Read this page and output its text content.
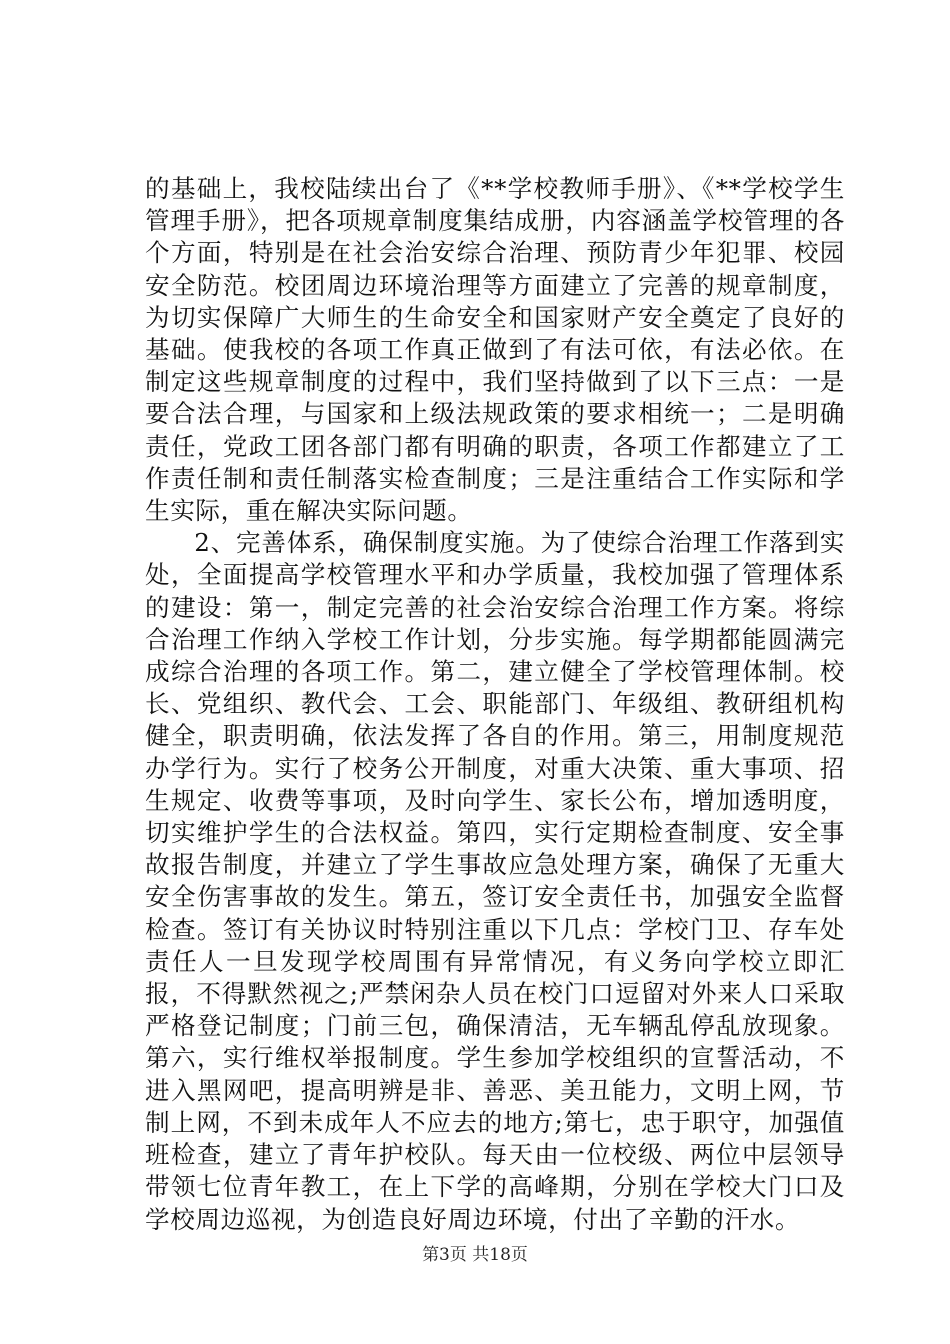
的基础上，我校陆续出台了《**学校教师手册》、《**学校学生管理手册》，把各项规章制度集结成册，内容涵盖学校管理的各个方面，特别是在社会治安综合治理、预防青少年犯罪、校园安全防范。校团周边环境治理等方面建立了完善的规章制度，为切实保障广大师生的生命安全和国家财产安全奠定了良好的基础。使我校的各项工作真正做到了有法可依，有法必依。在制定这些规章制度的过程中，我们坚持做到了以下三点：一是要合法合理，与国家和上级法规政策的要求相统一；二是明确责任，党政工团各部门都有明确的职责，各项工作都建立了工作责任制和责任制落实检查制度；三是注重结合工作实际和学生实际，重在解决实际问题。

2、完善体系，确保制度实施。为了使综合治理工作落到实处，全面提高学校管理水平和办学质量，我校加强了管理体系的建设：第一，制定完善的社会治安综合治理工作方案。将综合治理工作纳入学校工作计划，分步实施。每学期都能圆满完成综合治理的各项工作。第二，建立健全了学校管理体制。校长、党组织、教代会、工会、职能部门、年级组、教研组机构健全，职责明确，依法发挥了各自的作用。第三，用制度规范办学行为。实行了校务公开制度，对重大决策、重大事项、招生规定、收费等事项，及时向学生、家长公布，增加透明度，切实维护学生的合法权益。第四，实行定期检查制度、安全事故报告制度，并建立了学生事故应急处理方案，确保了无重大安全伤害事故的发生。第五，签订安全责任书，加强安全监督检查。签订有关协议时特别注重以下几点：学校门卫、存车处责任人一旦发现学校周围有异常情况，有义务向学校立即汇报，不得默然视之;严禁闲杂人员在校门口逗留对外来人口采取严格登记制度；门前三包，确保清洁，无车辆乱停乱放现象。第六，实行维权举报制度。学生参加学校组织的宣誓活动，不进入黑网吧，提高明辨是非、善恶、美丑能力，文明上网，节制上网，不到未成年人不应去的地方;第七，忠于职守，加强值班检查，建立了青年护校队。每天由一位校级、两位中层领导带领七位青年教工，在上下学的高峰期，分别在学校大门口及学校周边巡视，为创造良好周边环境，付出了辛勤的汗水。

第3页 共18页
